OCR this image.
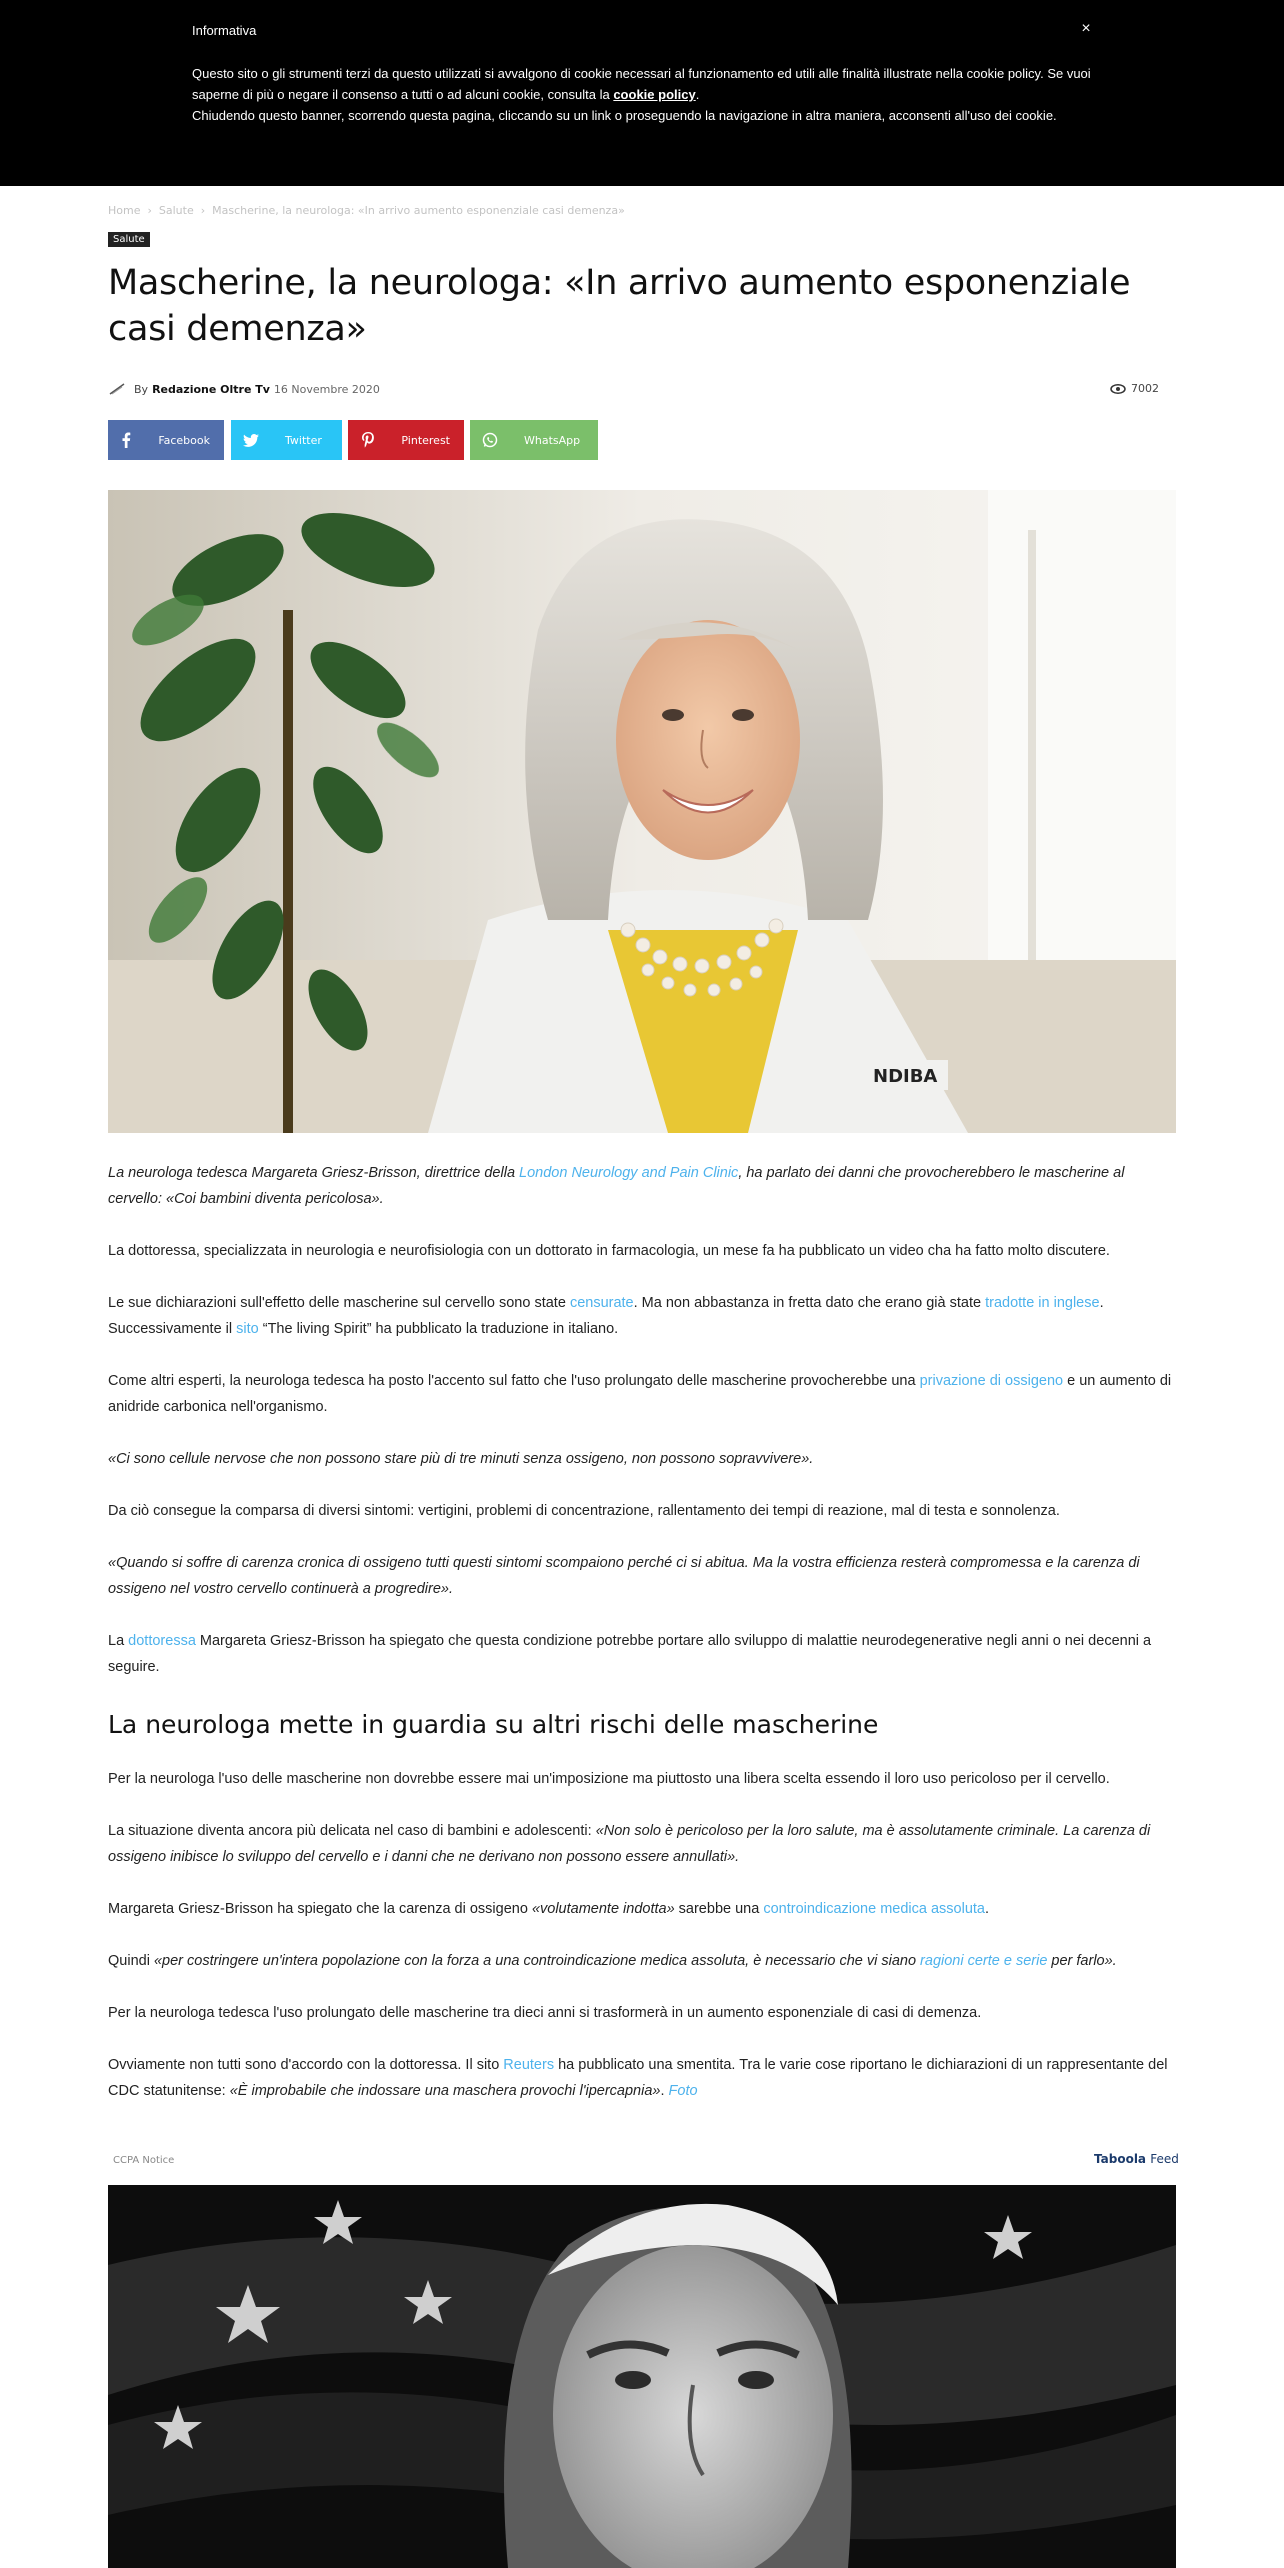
Informativa	×
Questo sito o gli strumenti terzi da questo utilizzati si avvalgono di cookie necessari al funzionamento ed utili alle finalità illustrate nella cookie policy. Se vuoi saperne di più o negare il consenso a tutti o ad alcuni cookie, consulta la cookie policy.
Chiudendo questo banner, scorrendo questa pagina, cliccando su un link o proseguendo la navigazione in altra maniera, acconsenti all'uso dei cookie.
Home › Salute › Mascherine, la neurologa: «In arrivo aumento esponenziale casi demenza»
Salute
Mascherine, la neurologa: «In arrivo aumento esponenziale casi demenza»
By Redazione Oltre Tv 16 Novembre 2020	7002
Facebook	Twitter	Pinterest	WhatsApp
NDIBA

La neurologa tedesca Margareta Griesz-Brisson, direttrice della London Neurology and Pain Clinic, ha parlato dei danni che provocherebbero le mascherine al cervello: «Coi bambini diventa pericolosa».

La dottoressa, specializzata in neurologia e neurofisiologia con un dottorato in farmacologia, un mese fa ha pubblicato un video cha ha fatto molto discutere.

Le sue dichiarazioni sull'effetto delle mascherine sul cervello sono state censurate. Ma non abbastanza in fretta dato che erano già state tradotte in inglese. Successivamente il sito “The living Spirit” ha pubblicato la traduzione in italiano.

Come altri esperti, la neurologa tedesca ha posto l'accento sul fatto che l'uso prolungato delle mascherine provocherebbe una privazione di ossigeno e un aumento di anidride carbonica nell'organismo.

«Ci sono cellule nervose che non possono stare più di tre minuti senza ossigeno, non possono sopravvivere».

Da ciò consegue la comparsa di diversi sintomi: vertigini, problemi di concentrazione, rallentamento dei tempi di reazione, mal di testa e sonnolenza.

«Quando si soffre di carenza cronica di ossigeno tutti questi sintomi scompaiono perché ci si abitua. Ma la vostra efficienza resterà compromessa e la carenza di ossigeno nel vostro cervello continuerà a progredire».

La dottoressa Margareta Griesz-Brisson ha spiegato che questa condizione potrebbe portare allo sviluppo di malattie neurodegenerative negli anni o nei decenni a seguire.

Per la neurologa l'uso delle mascherine non dovrebbe essere mai un'imposizione ma piuttosto una libera scelta essendo il loro uso pericoloso per il cervello.

La situazione diventa ancora più delicata nel caso di bambini e adolescenti: «Non solo è pericoloso per la loro salute, ma è assolutamente criminale. La carenza di ossigeno inibisce lo sviluppo del cervello e i danni che ne derivano non possono essere annullati».

Margareta Griesz-Brisson ha spiegato che la carenza di ossigeno «volutamente indotta» sarebbe una controindicazione medica assoluta.

Quindi «per costringere un'intera popolazione con la forza a una controindicazione medica assoluta, è necessario che vi siano ragioni certe e serie per farlo».

Per la neurologa tedesca l'uso prolungato delle mascherine tra dieci anni si trasformerà in un aumento esponenziale di casi di demenza.

Ovviamente non tutti sono d'accordo con la dottoressa. Il sito Reuters ha pubblicato una smentita. Tra le varie cose riportano le dichiarazioni di un rappresentante del CDC statunitense: «È improbabile che indossare una maschera provochi l'ipercapnia». Foto

La neurologa mette in guardia su altri rischi delle mascherine
CCPA Notice	Taboola Feed
